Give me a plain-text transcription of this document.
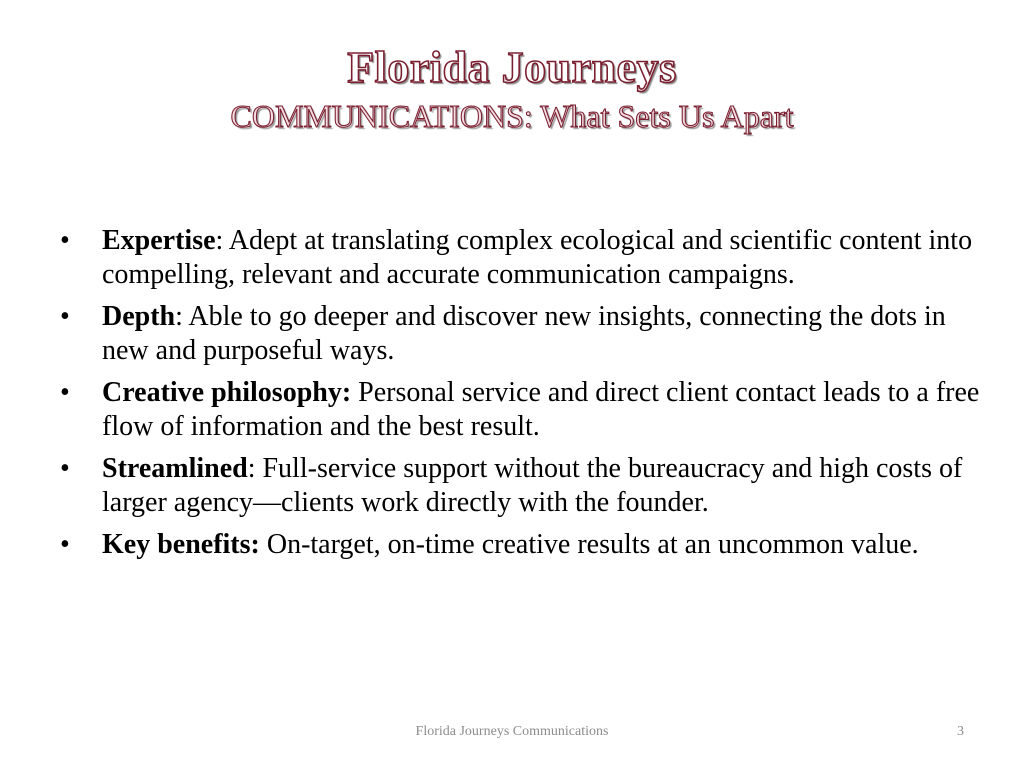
Florida Journeys
COMMUNICATIONS: What Sets Us Apart
•	Expertise: Adept at translating complex ecological and scientific content into compelling, relevant and accurate communication campaigns.
•	Depth: Able to go deeper and discover new insights, connecting the dots in new and purposeful ways.
•	Creative philosophy: Personal service and direct client contact leads to a free flow of information and the best result.
•	Streamlined: Full-service support without the bureaucracy and high costs of larger agency—clients work directly with the founder.
•	Key benefits: On-target, on-time creative results at an uncommon value.
Florida Journeys Communications	3
